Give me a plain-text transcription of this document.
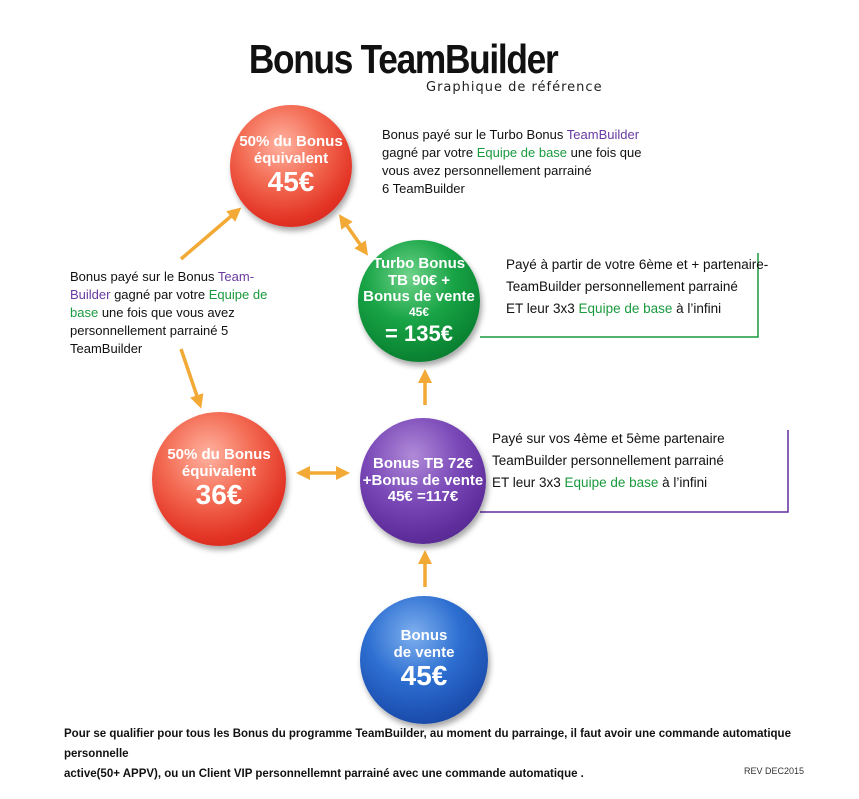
Bonus TeamBuilder
Graphique de référence
50% du Bonus
équivalent
45€
Turbo Bonus
TB 90€ +
Bonus de vente
45€
= 135€
50% du Bonus
équivalent
36€
Bonus TB 72€
+Bonus de vente
45€ =117€
Bonus
de vente
45€
Bonus payé sur le Turbo Bonus TeamBuilder
gagné par votre Equipe de base une fois que
vous avez personnellement parrainé
6 TeamBuilder
Bonus payé sur le Bonus Team-
Builder gagné par votre Equipe de
base une fois que vous avez
personnellement parrainé 5
TeamBuilder
Payé à partir de votre 6ème et + partenaire-
TeamBuilder personnellement parrainé
ET leur 3x3 Equipe de base à l’infini
Payé sur vos 4ème et 5ème partenaire
TeamBuilder personnellement parrainé
ET leur 3x3 Equipe de base à l’infini
Pour se qualifier pour tous les Bonus du programme TeamBuilder, au moment du parrainge, il faut avoir une commande automatique personnelle
active(50+ APPV), ou un Client VIP personnellemnt parrainé avec une commande automatique .	REV DEC2015
